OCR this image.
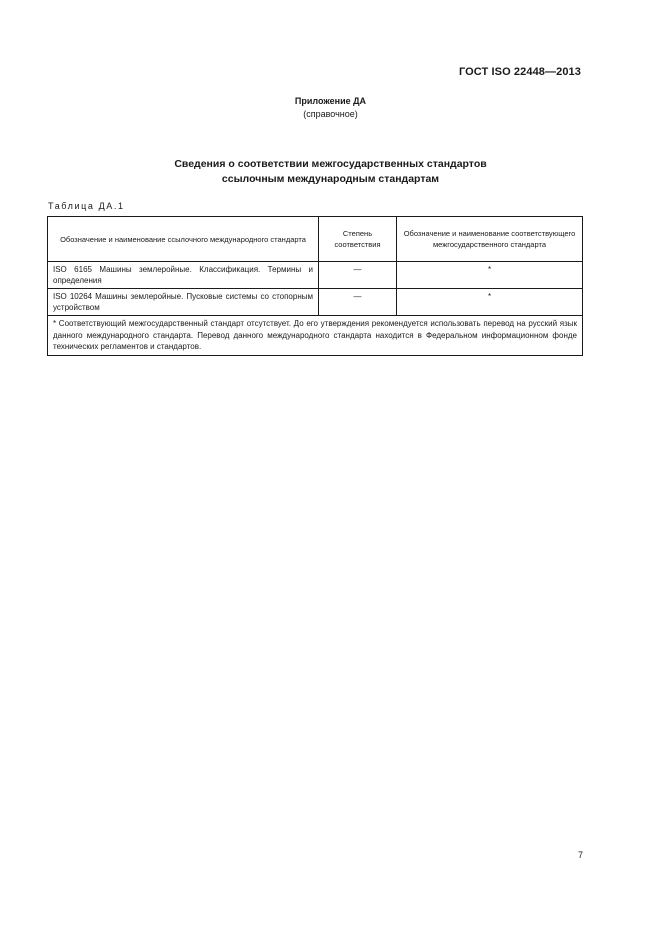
ГОСТ ISO 22448—2013
Приложение ДА
(справочное)
Сведения о соответствии межгосударственных стандартов
ссылочным международным стандартам
Таблица ДА.1
Обозначение и наименование ссылочного международного стандарта	Степень соответствия	Обозначение и наименование соответствующего межгосударственного стандарта
ISO 6165 Машины землеройные. Классификация. Термины и определения	—	*
ISO 10264 Машины землеройные. Пусковые системы со стопорным устройством	—	*
* Соответствующий межгосударственный стандарт отсутствует. До его утверждения рекомендуется использовать перевод на русский язык данного международного стандарта. Перевод данного международного стандарта находится в Федеральном информационном фонде технических регламентов и стандартов.		
7
